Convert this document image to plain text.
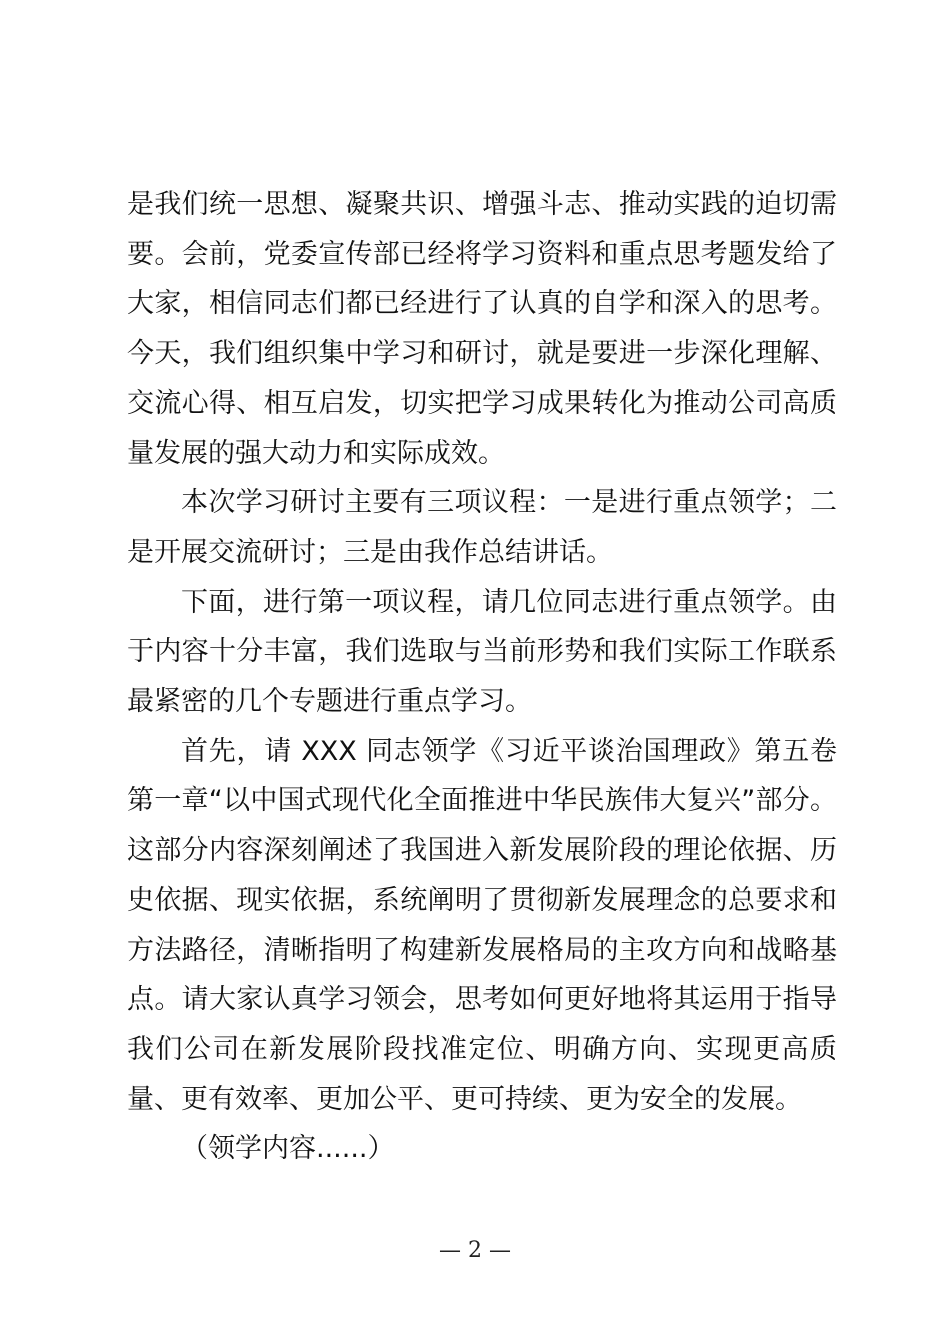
是我们统一思想、凝聚共识、增强斗志、推动实践的迫切需要。会前，党委宣传部已经将学习资料和重点思考题发给了大家，相信同志们都已经进行了认真的自学和深入的思考。今天，我们组织集中学习和研讨，就是要进一步深化理解、交流心得、相互启发，切实把学习成果转化为推动公司高质量发展的强大动力和实际成效。

本次学习研讨主要有三项议程：一是进行重点领学；二是开展交流研讨；三是由我作总结讲话。

下面，进行第一项议程，请几位同志进行重点领学。由于内容十分丰富，我们选取与当前形势和我们实际工作联系最紧密的几个专题进行重点学习。

首先，请 XXX 同志领学《习近平谈治国理政》第五卷第一章“以中国式现代化全面推进中华民族伟大复兴”部分。这部分内容深刻阐述了我国进入新发展阶段的理论依据、历史依据、现实依据，系统阐明了贯彻新发展理念的总要求和方法路径，清晰指明了构建新发展格局的主攻方向和战略基点。请大家认真学习领会，思考如何更好地将其运用于指导我们公司在新发展阶段找准定位、明确方向、实现更高质量、更有效率、更加公平、更可持续、更为安全的发展。

（领学内容......）

— 2 —
